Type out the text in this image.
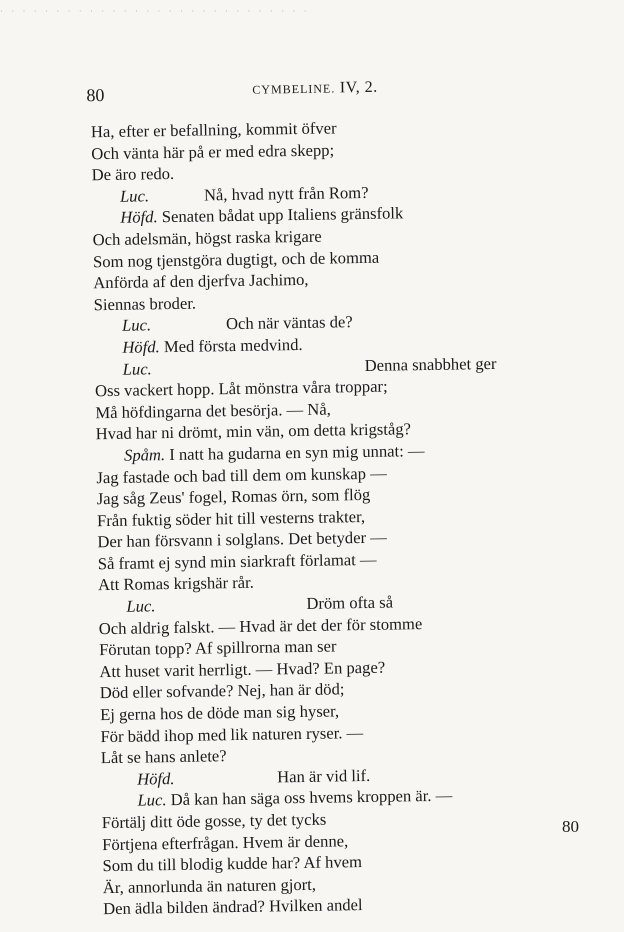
· · · · · · · · · · · · · · · · · · · · · · · · · · · ·
80	CYMBELINE. IV, 2.
Ha, efter er befallning, kommit öfver
Och vänta här på er med edra skepp;
De äro redo.
Luc.	Nå, hvad nytt från Rom?
Höfd. Senaten bådat upp Italiens gränsfolk
Och adelsmän, högst raska krigare
Som nog tjenstgöra dugtigt, och de komma
Anförda af den djerfva Jachimo,
Siennas broder.
Luc.	Och när väntas de?
Höfd. Med första medvind.
Luc.	Denna snabbhet ger
Oss vackert hopp. Låt mönstra våra troppar;
Må höfdingarna det besörja. — Nå,
Hvad har ni drömt, min vän, om detta krigståg?
Spåm. I natt ha gudarna en syn mig unnat: —
Jag fastade och bad till dem om kunskap —
Jag såg Zeus' fogel, Romas örn, som flög
Från fuktig söder hit till vesterns trakter,
Der han försvann i solglans. Det betyder —
Så framt ej synd min siarkraft förlamat —
Att Romas krigshär rår.
Luc.	Dröm ofta så
Och aldrig falskt. — Hvad är det der för stomme
Förutan topp? Af spillrorna man ser
Att huset varit herrligt. — Hvad? En page?
Död eller sofvande? Nej, han är död;
Ej gerna hos de döde man sig hyser,
För bädd ihop med lik naturen ryser. —
Låt se hans anlete?
Höfd.	Han är vid lif.
Luc. Då kan han säga oss hvems kroppen är. —
Förtälj ditt öde gosse, ty det tycks
Förtjena efterfrågan. Hvem är denne,
Som du till blodig kudde har? Af hvem
Är, annorlunda än naturen gjort,
Den ädla bilden ändrad? Hvilken andel
80
